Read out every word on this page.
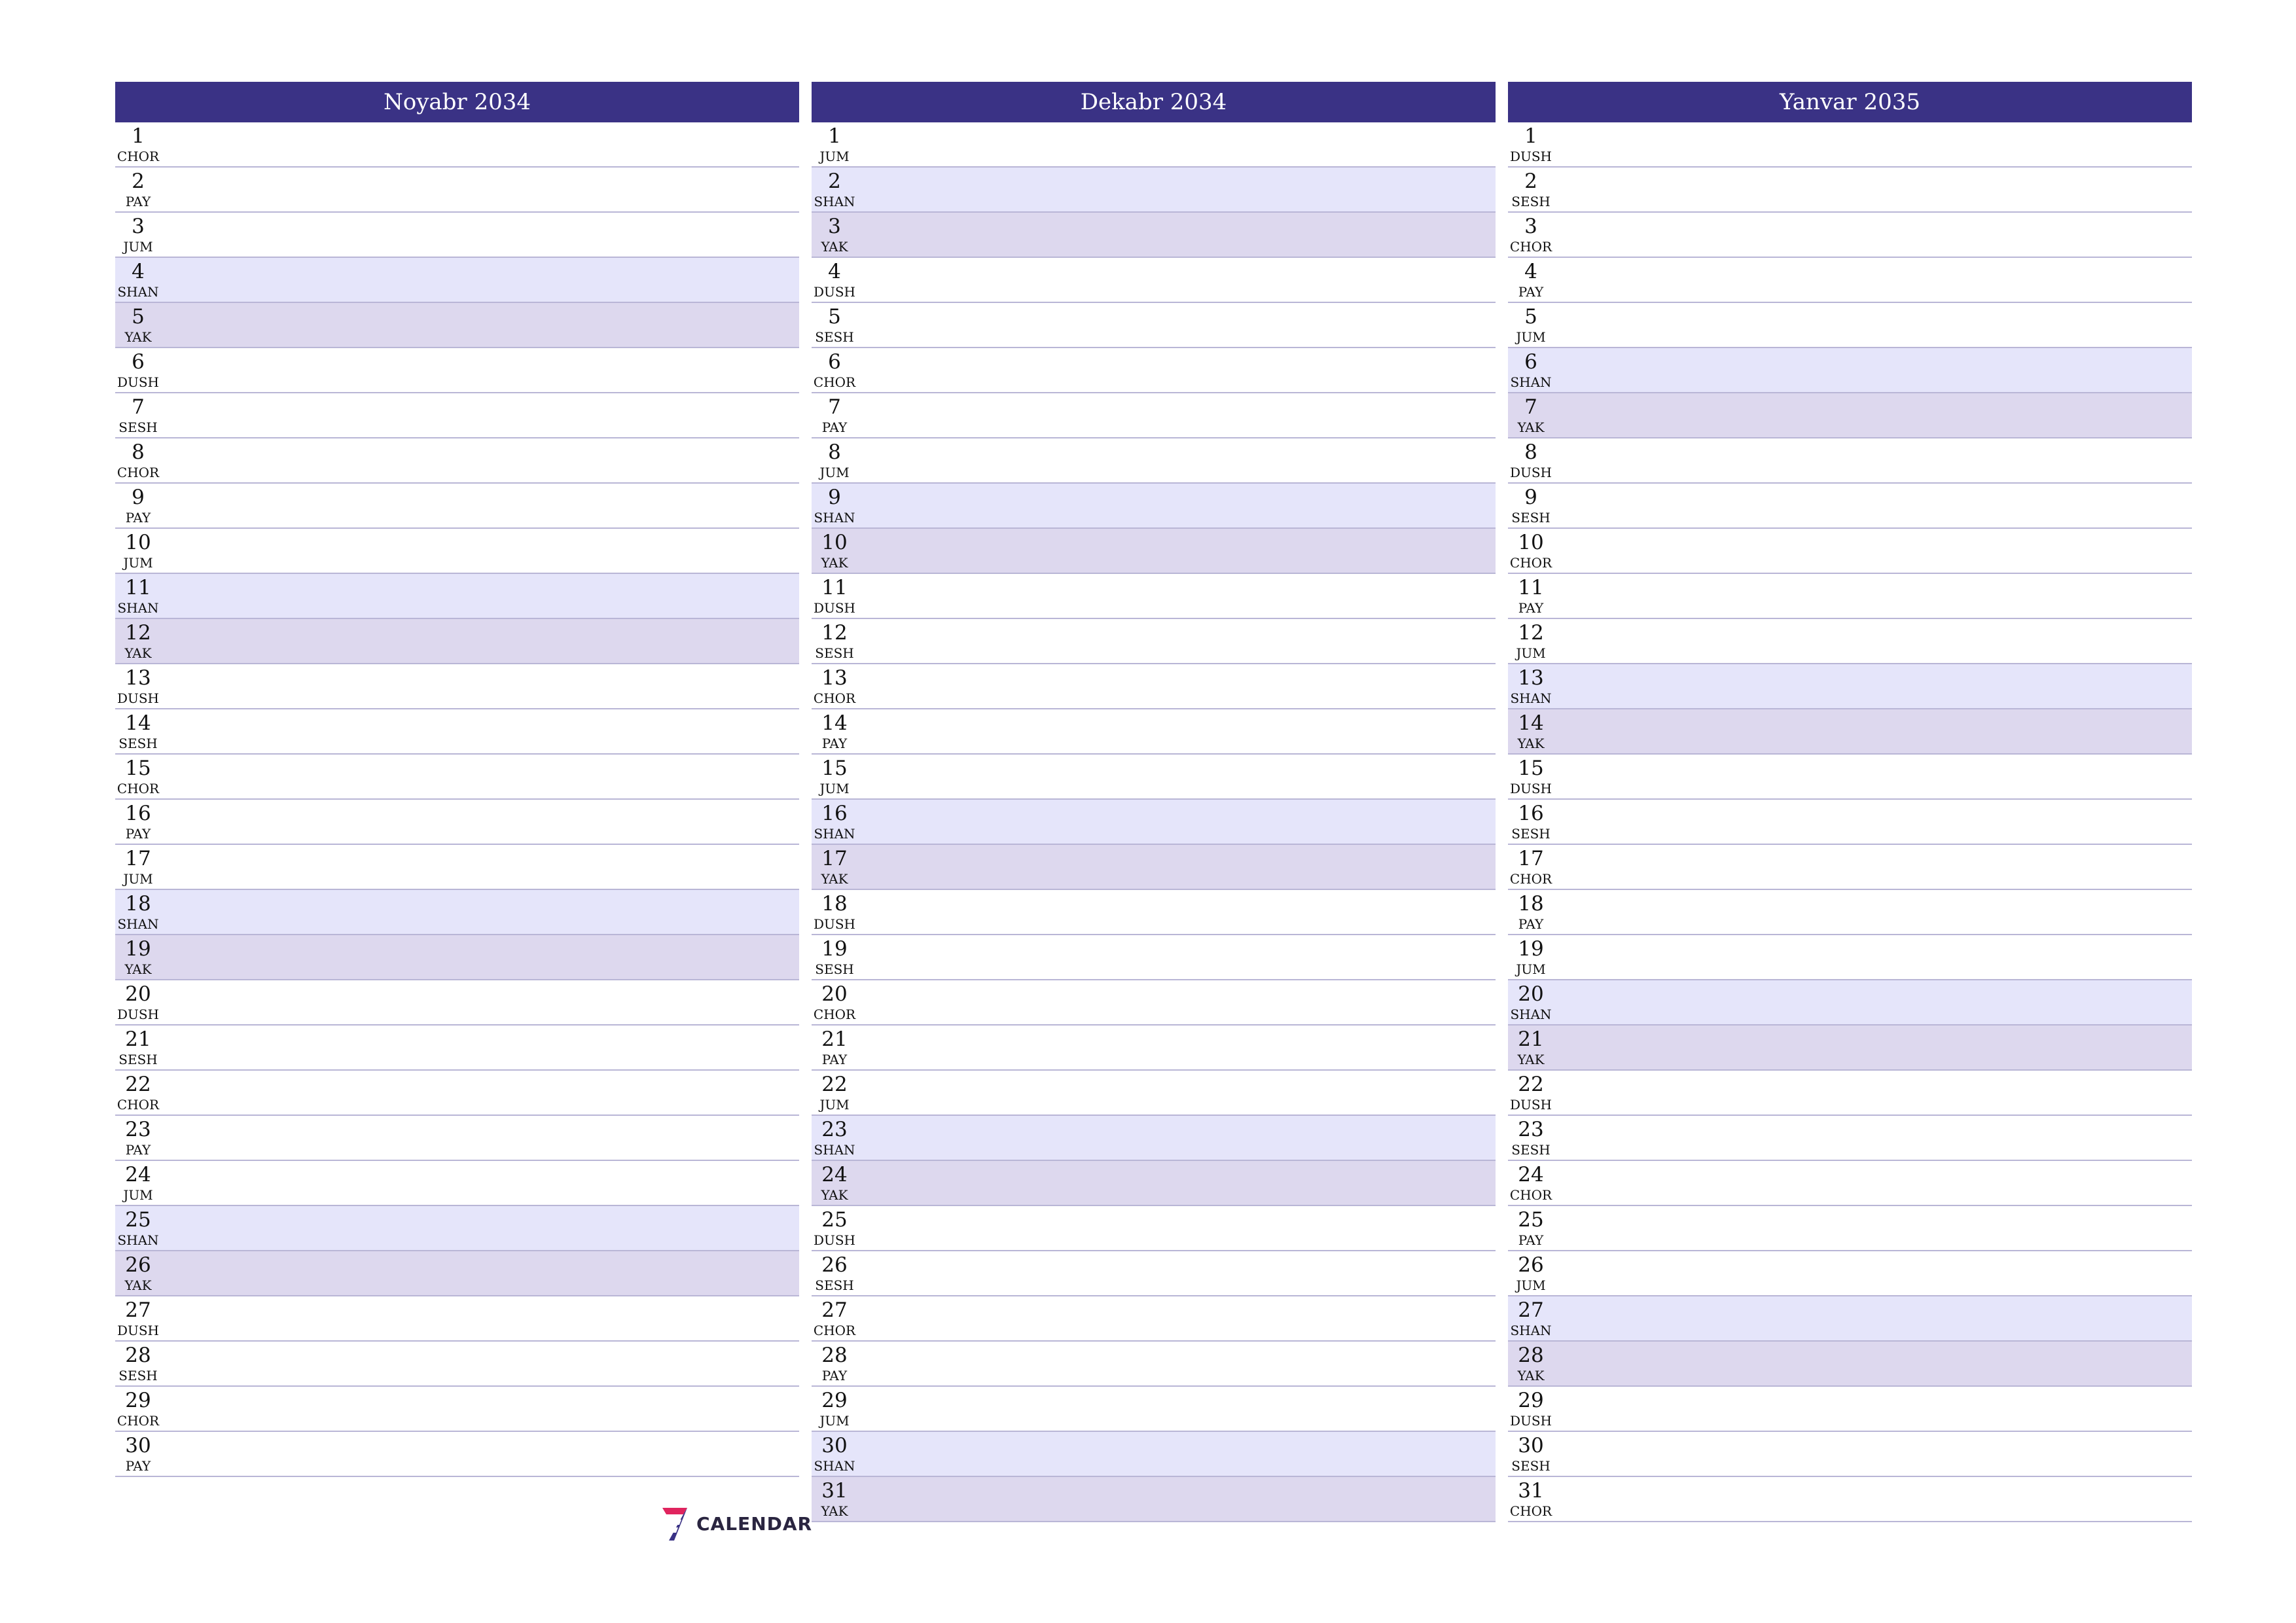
Noyabr 2034
1
CHOR
2
PAY
3
JUM
4
SHAN
5
YAK
6
DUSH
7
SESH
8
CHOR
9
PAY
10
JUM
11
SHAN
12
YAK
13
DUSH
14
SESH
15
CHOR
16
PAY
17
JUM
18
SHAN
19
YAK
20
DUSH
21
SESH
22
CHOR
23
PAY
24
JUM
25
SHAN
26
YAK
27
DUSH
28
SESH
29
CHOR
30
PAY
Dekabr 2034
1
JUM
2
SHAN
3
YAK
4
DUSH
5
SESH
6
CHOR
7
PAY
8
JUM
9
SHAN
10
YAK
11
DUSH
12
SESH
13
CHOR
14
PAY
15
JUM
16
SHAN
17
YAK
18
DUSH
19
SESH
20
CHOR
21
PAY
22
JUM
23
SHAN
24
YAK
25
DUSH
26
SESH
27
CHOR
28
PAY
29
JUM
30
SHAN
31
YAK
Yanvar 2035
1
DUSH
2
SESH
3
CHOR
4
PAY
5
JUM
6
SHAN
7
YAK
8
DUSH
9
SESH
10
CHOR
11
PAY
12
JUM
13
SHAN
14
YAK
15
DUSH
16
SESH
17
CHOR
18
PAY
19
JUM
20
SHAN
21
YAK
22
DUSH
23
SESH
24
CHOR
25
PAY
26
JUM
27
SHAN
28
YAK
29
DUSH
30
SESH
31
CHOR
CALENDAR
